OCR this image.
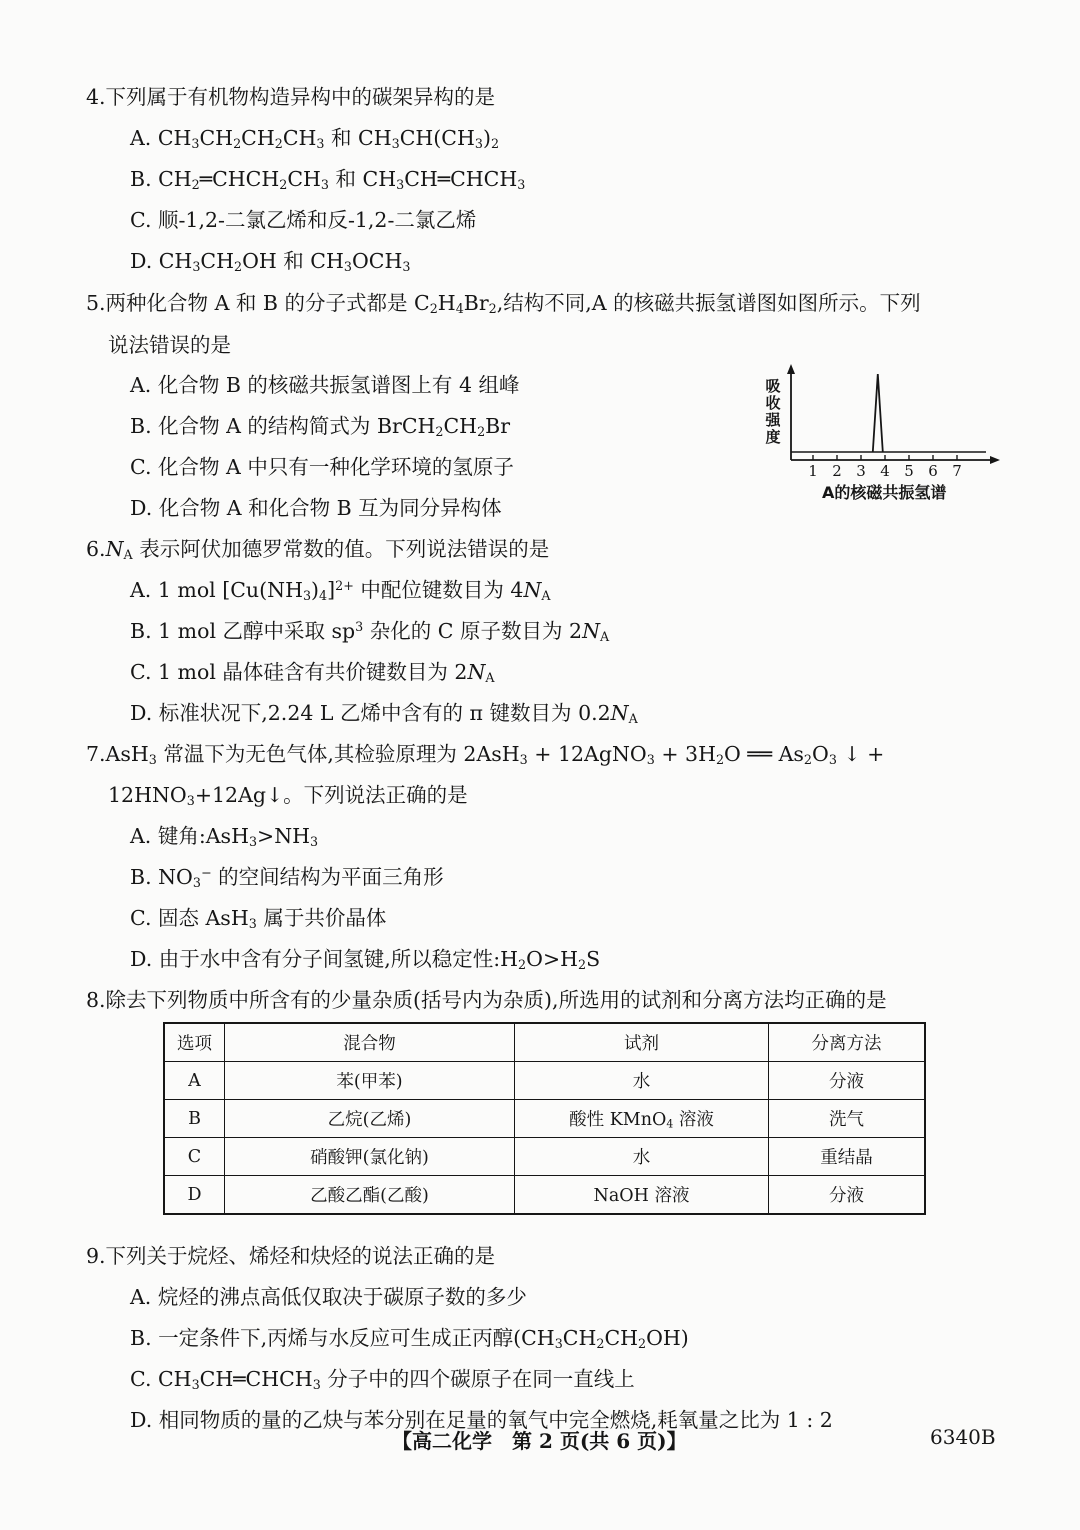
4.下列属于有机物构造异构中的碳架异构的是
A. $CH_3CH_2CH_2CH_3$ 和 $CH_3CH(CH_3)_2$
B. $CH_2═CHCH_2CH_3$ 和 $CH_3CH═CHCH_3$
C. 顺-1,2-二氯乙烯和反-1,2-二氯乙烯
D. $CH_3CH_2OH$ 和 $CH_3OCH_3$
5.两种化合物 A 和 B 的分子式都是 $C_2H_4Br_2$,结构不同,A 的核磁共振氢谱图如图所示。下列
说法错误的是
A. 化合物 B 的核磁共振氢谱图上有 4 组峰
B. 化合物 A 的结构简式为 $BrCH_2CH_2Br$
C. 化合物 A 中只有一种化学环境的氢原子
D. 化合物 A 和化合物 B 互为同分异构体
1 2 3 4 5 6 7
吸收强度
A的核磁共振氢谱
$6.N_A$ 表示阿伏加德罗常数的值。下列说法错误的是
A. 1 mol $[Cu(NH_3)_4]^{2+}$ 中配位键数目为 $4N_A$
B. 1 mol 乙醇中采取 $sp^3$ 杂化的 C 原子数目为 $2N_A$
C. 1 mol 晶体硅含有共价键数目为 $2N_A$
D. 标准状况下,2.24 L 乙烯中含有的 π 键数目为 $0.2N_A$
7.AsH$_3$ 常温下为无色气体,其检验原理为 2AsH$_3$ + 12AgNO$_3$ + $3H_2O$ ══ $As_2O_3$ ↓ +
$12HNO_3+12Ag↓$。下列说法正确的是
A. 键角$:AsH_3>NH_3$
B. $NO_3^-$ 的空间结构为平面三角形
C. 固态 AsH$_3$ 属于共价晶体
D. 由于水中含有分子间氢键,所以稳定性$:H_2O>H_2S$
8.除去下列物质中所含有的少量杂质(括号内为杂质),所选用的试剂和分离方法均正确的是
选项	混合物	试剂	分离方法
A	苯(甲苯)	水	分液
B	乙烷(乙烯)	酸性 KMnO$_4$ 溶液	洗气
C	硝酸钾(氯化钠)	水	重结晶
D	乙酸乙酯(乙酸)	NaOH 溶液	分液
9.下列关于烷烃、烯烃和炔烃的说法正确的是
A. 烷烃的沸点高低仅取决于碳原子数的多少
B. 一定条件下,丙烯与水反应可生成正丙醇$(CH_3CH_2CH_2OH)$
C. $CH_3CH═CHCH_3$ 分子中的四个碳原子在同一直线上
D. 相同物质的量的乙炔与苯分别在足量的氧气中完全燃烧,耗氧量之比为 1 : 2
【高二化学　第 2 页(共 6 页)】	6340B
